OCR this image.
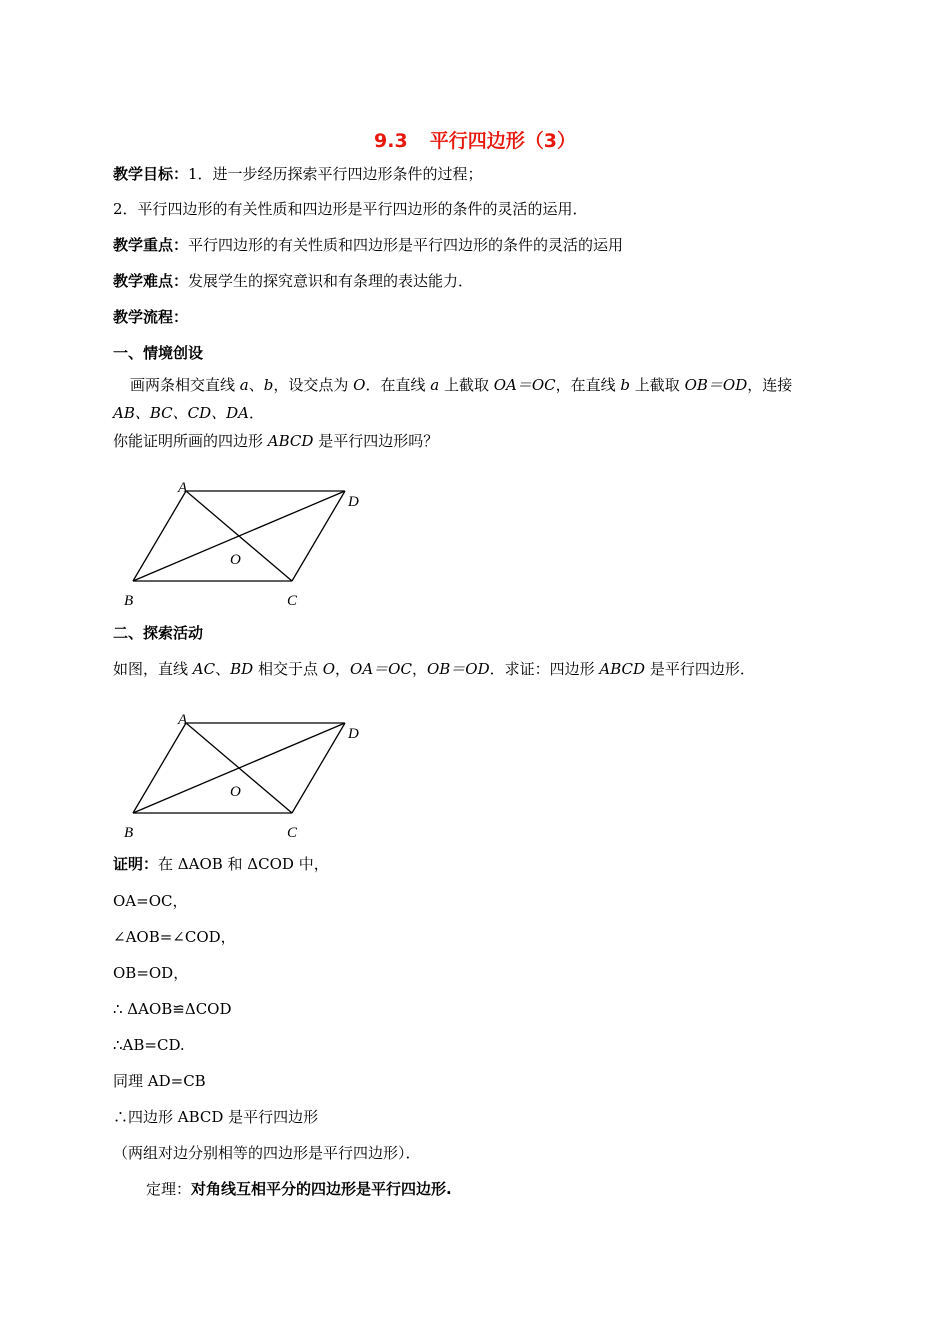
9.3 平行四边形（3）
教学目标：1．进一步经历探索平行四边形条件的过程；
2．平行四边形的有关性质和四边形是平行四边形的条件的灵活的运用．
教学重点：平行四边形的有关性质和四边形是平行四边形的条件的灵活的运用
教学难点：发展学生的探究意识和有条理的表达能力．
教学流程：
一、情境创设
画两条相交直线 a、b，设交点为 O．在直线 a 上截取 OA＝OC，在直线 b 上截取 OB＝OD，连接
AB、BC、CD、DA．
你能证明所画的四边形 ABCD 是平行四边形吗？
A
D
O
B	C
二、探索活动
如图，直线 AC、BD 相交于点 O，OA＝OC，OB＝OD．求证：四边形 ABCD 是平行四边形．
A
D
O
B	C
证明：在 ΔAOB 和 ΔCOD 中，
OA=OC，
∠AOB=∠COD，
OB=OD，
∴ ΔAOB≌ΔCOD
∴AB=CD.
同理 AD=CB
∴四边形 ABCD 是平行四边形
（两组对边分别相等的四边形是平行四边形）．
定理：对角线互相平分的四边形是平行四边形.
